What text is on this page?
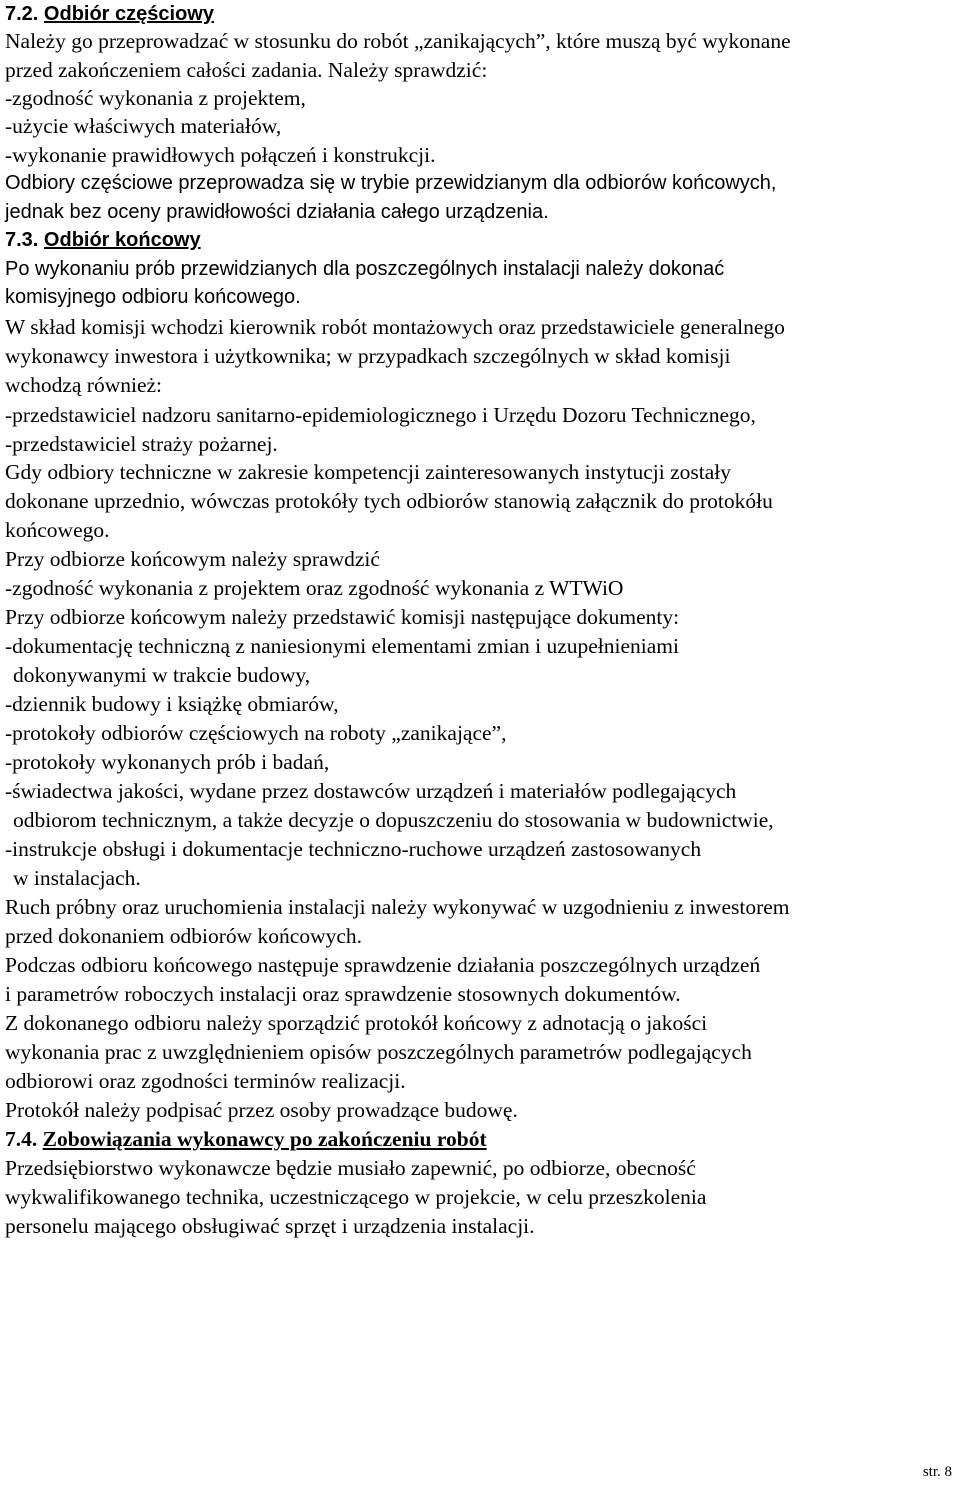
7.2. Odbiór częściowy
Należy go przeprowadzać w stosunku do robót „zanikających”, które muszą być wykonane
przed zakończeniem całości zadania. Należy sprawdzić:
-zgodność wykonania z projektem,
-użycie właściwych materiałów,
-wykonanie prawidłowych połączeń i konstrukcji.
Odbiory częściowe przeprowadza się w trybie przewidzianym dla odbiorów końcowych,
jednak bez oceny prawidłowości działania całego urządzenia.
7.3. Odbiór końcowy
Po wykonaniu prób przewidzianych dla poszczególnych instalacji należy dokonać
komisyjnego odbioru końcowego.
W skład komisji wchodzi kierownik robót montażowych oraz przedstawiciele generalnego
wykonawcy inwestora i użytkownika; w przypadkach szczególnych w skład komisji
wchodzą również:
-przedstawiciel nadzoru sanitarno-epidemiologicznego i Urzędu Dozoru Technicznego,
-przedstawiciel straży pożarnej.
Gdy odbiory techniczne w zakresie kompetencji zainteresowanych instytucji zostały
dokonane uprzednio, wówczas protokóły tych odbiorów stanowią załącznik do protokółu
końcowego.
Przy odbiorze końcowym należy sprawdzić
-zgodność wykonania z projektem oraz zgodność wykonania z WTWiO
Przy odbiorze końcowym należy przedstawić komisji następujące dokumenty:
-dokumentację techniczną z naniesionymi elementami zmian i uzupełnieniami
dokonywanymi w trakcie budowy,
-dziennik budowy i książkę obmiarów,
-protokoły odbiorów częściowych na roboty „zanikające”,
-protokoły wykonanych prób i badań,
-świadectwa jakości, wydane przez dostawców urządzeń i materiałów podlegających
odbiorom technicznym, a także decyzje o dopuszczeniu do stosowania w budownictwie,
-instrukcje obsługi i dokumentacje techniczno-ruchowe urządzeń zastosowanych
w instalacjach.
Ruch próbny oraz uruchomienia instalacji należy wykonywać w uzgodnieniu z inwestorem
przed dokonaniem odbiorów końcowych.
Podczas odbioru końcowego następuje sprawdzenie działania poszczególnych urządzeń
i parametrów roboczych instalacji oraz sprawdzenie stosownych dokumentów.
Z dokonanego odbioru należy sporządzić protokół końcowy z adnotacją o jakości
wykonania prac z uwzględnieniem opisów poszczególnych parametrów podlegających
odbiorowi oraz zgodności terminów realizacji.
Protokół należy podpisać przez osoby prowadzące budowę.
7.4. Zobowiązania wykonawcy po zakończeniu robót
Przedsiębiorstwo wykonawcze będzie musiało zapewnić, po odbiorze, obecność
wykwalifikowanego technika, uczestniczącego w projekcie, w celu przeszkolenia
personelu mającego obsługiwać sprzęt i urządzenia instalacji.
str. 8
